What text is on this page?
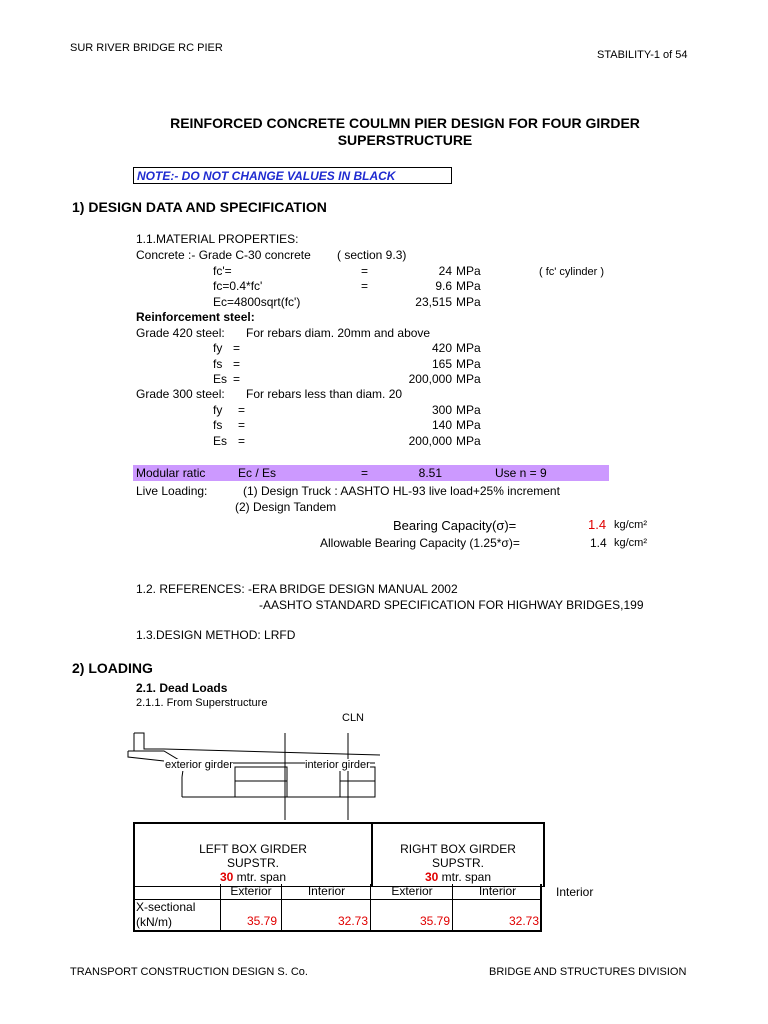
SUR RIVER BRIDGE RC PIER
STABILITY-1 of 54
REINFORCED CONCRETE COULMN PIER DESIGN FOR FOUR GIRDER
SUPERSTRUCTURE
NOTE:- DO NOT CHANGE VALUES IN BLACK
1) DESIGN DATA AND SPECIFICATION
1.1.MATERIAL PROPERTIES:
Concrete :- Grade C-30 concrete ( section 9.3)
fc'=	=	24 MPa	( fc' cylinder )
fc=0.4*fc'	=	9.6 MPa
Ec=4800sqrt(fc')	23,515 MPa
Reinforcement steel:
Grade 420 steel: For rebars diam. 20mm and above
fy =	420 MPa
fs =	165 MPa
Es =	200,000 MPa
Grade 300 steel: For rebars less than diam. 20
fy =	300 MPa
fs =	140 MPa
Es =	200,000 MPa
Modular ratic	Ec / Es	=	8.51	Use n = 9
Live Loading:	(1) Design Truck : AASHTO HL-93 live load+25% increment
(2) Design Tandem
Bearing Capacity(σ)=	1.4 kg/cm²
Allowable Bearing Capacity (1.25*σ)=	1.4 kg/cm²
1.2. REFERENCES: -ERA BRIDGE DESIGN MANUAL 2002
-AASHTO STANDARD SPECIFICATION FOR HIGHWAY BRIDGES,199
1.3.DESIGN METHOD: LRFD
2) LOADING
2.1. Dead Loads
2.1.1. From Superstructure
CLN
exterior girder	interior girder
LEFT BOX GIRDER
SUPSTR.
30 mtr. span

RIGHT BOX GIRDER
SUPSTR.
30 mtr. span
Exterior	Interior	Exterior	Interior	Interior
X-sectional
(kN/m)	35.79	32.73	35.79	32.73
TRANSPORT CONSTRUCTION DESIGN S. Co.	BRIDGE AND STRUCTURES DIVISION
